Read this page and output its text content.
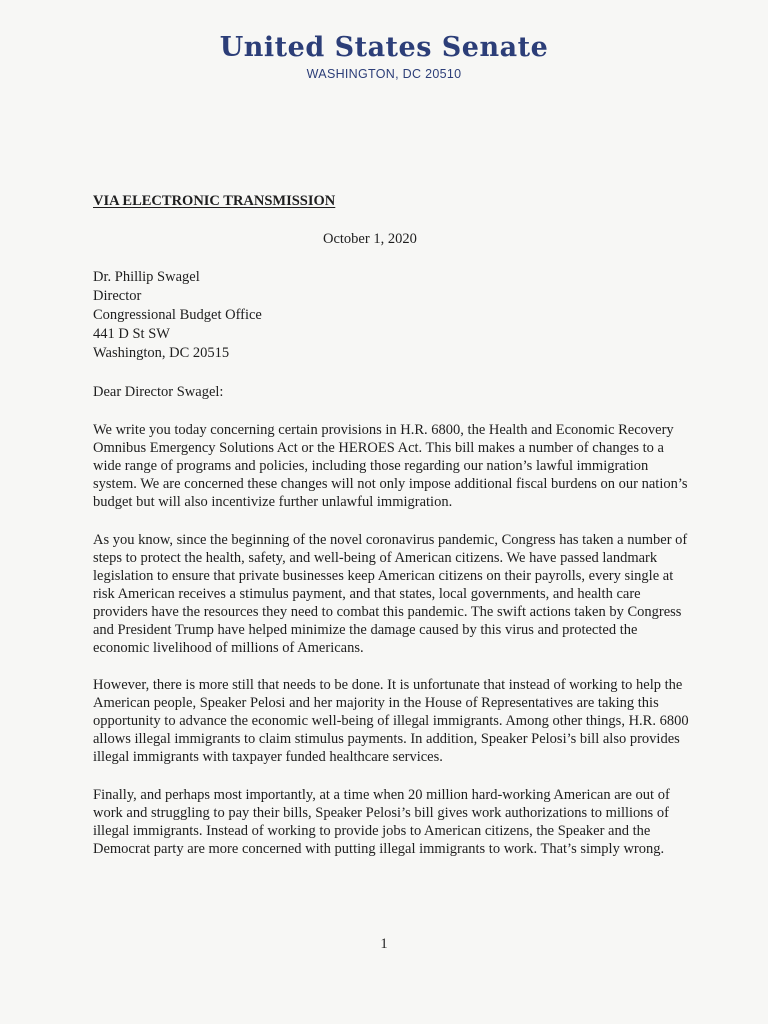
United States Senate
WASHINGTON, DC 20510
VIA ELECTRONIC TRANSMISSION
October 1, 2020
Dr. Phillip Swagel
Director
Congressional Budget Office
441 D St SW
Washington, DC 20515
Dear Director Swagel:

We write you today concerning certain provisions in H.R. 6800, the Health and Economic Recovery Omnibus Emergency Solutions Act or the HEROES Act. This bill makes a number of changes to a wide range of programs and policies, including those regarding our nation’s lawful immigration system. We are concerned these changes will not only impose additional fiscal burdens on our nation’s budget but will also incentivize further unlawful immigration.

As you know, since the beginning of the novel coronavirus pandemic, Congress has taken a number of steps to protect the health, safety, and well-being of American citizens. We have passed landmark legislation to ensure that private businesses keep American citizens on their payrolls, every single at risk American receives a stimulus payment, and that states, local governments, and health care providers have the resources they need to combat this pandemic. The swift actions taken by Congress and President Trump have helped minimize the damage caused by this virus and protected the economic livelihood of millions of Americans.

However, there is more still that needs to be done. It is unfortunate that instead of working to help the American people, Speaker Pelosi and her majority in the House of Representatives are taking this opportunity to advance the economic well-being of illegal immigrants. Among other things, H.R. 6800 allows illegal immigrants to claim stimulus payments. In addition, Speaker Pelosi’s bill also provides illegal immigrants with taxpayer funded healthcare services.

Finally, and perhaps most importantly, at a time when 20 million hard-working American are out of work and struggling to pay their bills, Speaker Pelosi’s bill gives work authorizations to millions of illegal immigrants. Instead of working to provide jobs to American citizens, the Speaker and the Democrat party are more concerned with putting illegal immigrants to work. That’s simply wrong.

1
